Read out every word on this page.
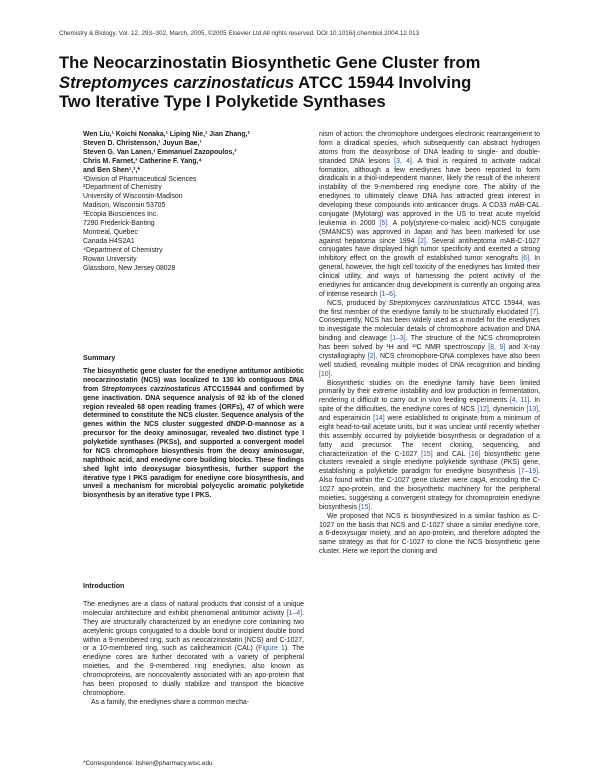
Chemistry & Biology, Vol. 12, 293–302, March, 2005, ©2005 Elsevier Ltd All rights reserved. DOI 10.1016/j.chembiol.2004.12.013
The Neocarzinostatin Biosynthetic Gene Cluster from
Streptomyces carzinostaticus ATCC 15944 Involving
Two Iterative Type I Polyketide Synthases
Wen Liu,¹ Koichi Nonaka,¹ Liping Nie,¹ Jian Zhang,²
Steven D. Christenson,¹ Juyun Bae,¹
Steven G. Van Lanen,¹ Emmanuel Zazopoulos,³
Chris M. Farnet,³ Catherine F. Yang,⁴
and Ben Shen¹,²,*
¹Division of Pharmaceutical Sciences
²Department of Chemistry
University of Wisconsin-Madison
Madison, Wisconsin 53705
³Ecopia Biosciences Inc.
7290 Frederick-Banting
Montreal, Quebec
Canada H4S2A1
⁴Department of Chemistry
Rowan University
Glassboro, New Jersey 08028
Summary
The biosynthetic gene cluster for the enediyne antitumor antibiotic neocarzinostatin (NCS) was localized to 130 kb contiguous DNA from Streptomyces carzinostaticus ATCC15944 and confirmed by gene inactivation. DNA sequence analysis of 92 kb of the cloned region revealed 68 open reading frames (ORFs), 47 of which were determined to constitute the NCS cluster. Sequence analysis of the genes within the NCS cluster suggested dNDP-D-mannose as a precursor for the deoxy aminosugar, revealed two distinct type I polyketide synthases (PKSs), and supported a convergent model for NCS chromophore biosynthesis from the deoxy aminosugar, naphthoic acid, and enediyne core building blocks. These findings shed light into deoxysugar biosynthesis, further support the iterative type I PKS paradigm for enediyne core biosynthesis, and unveil a mechanism for microbial polycyclic aromatic polyketide biosynthesis by an iterative type I PKS.
Introduction

The enediynes are a class of natural products that consist of a unique molecular architecture and exhibit phenomenal antitumor activity [1–4]. They are structurally characterized by an enediyne core containing two acetylenic groups conjugated to a double bond or incipient double bond within a 9-membered ring, such as neocarzinostatin (NCS) and C-1027, or a 10-membered ring, such as calicheamicin (CAL) (Figure 1). The enediyne cores are further decorated with a variety of peripheral moieties, and the 9-membered ring enediynes, also known as chromoproteins, are noncovalently associated with an apo-protein that has been proposed to dually stabilize and transport the bioactive chromophore.

As a family, the enediynes share a common mecha-

nism of action: the chromophore undergoes electronic rearrangement to form a diradical species, which subsequently can abstract hydrogen atoms from the deoxyribose of DNA leading to single- and double-stranded DNA lesions [3, 4]. A thiol is required to activate radical formation, although a few enediynes have been reported to form diradicals in a thiol-independent manner, likely the result of the inherent instability of the 9-membered ring enediyne core. The ability of the enediynes to ultimately cleave DNA has attracted great interest in developing these compounds into anticancer drugs. A CD33 mAB-CAL conjugate (Mylotarg) was approved in the US to treat acute myeloid leukemia in 2000 [5]. A poly(styrene-co-maleic acid)-NCS conjugate (SMANCS) was approved in Japan and has been marketed for use against hepatoma since 1994 [2]. Several antiheptoma mAB-C-1027 conjugates have displayed high tumor specificity and exerted a strong inhibitory effect on the growth of established tumor xenografts [6]. In general, however, the high cell toxicity of the enediynes has limited their clinical utility, and ways of harnessing the potent activity of the enediynes for anticancer drug development is currently an ongoing area of intense research [1–6].

NCS, produced by Streptomyces carzinostaticus ATCC 15944, was the first member of the enediyne family to be structurally elucidated [7]. Consequently, NCS has been widely used as a model for the enediynes to investigate the molecular details of chromophore activation and DNA binding and cleavage [1–3]. The structure of the NCS chromoprotein has been solved by ¹H and ¹³C NMR spectroscopy [8, 9] and X-ray crystallography [2]. NCS chromophore-DNA complexes have also been well studied, revealing multiple modes of DNA recognition and binding [10].

Biosynthetic studies on the enediyne family have been limited primarily by their extreme instability and low production in fermentation, rendering it difficult to carry out in vivo feeding experiments [4, 11]. In spite of the difficulties, the enediyne cores of NCS [12], dynemicin [13], and esperamicin [14] were established to originate from a minimum of eight head-to-tail acetate units, but it was unclear until recently whether this assembly occurred by polyketide biosynthesis or degradation of a fatty acid precursor. The recent cloning, sequencing, and characterization of the C-1027 [15] and CAL [16] biosynthetic gene clusters revealed a single enediyne polyketide synthase (PKS) gene, establishing a polyketide paradigm for enediyne biosynthesis [7–19]. Also found within the C-1027 gene cluster were cagA, encoding the C-1027 apo-protein, and the biosynthetic machinery for the peripheral moieties, suggesting a convergent strategy for chromoprotein enediyne biosynthesis [15].

We proposed that NCS is biosynthesized in a similar fashion as C-1027 on the basis that NCS and C-1027 share a similar enediyne core, a 6-deoxysugar moiety, and an apo-protein, and therefore adopted the same strategy as that for C-1027 to clone the NCS biosynthetic gene cluster. Here we report the cloning and

*Correspondence: bshen@pharmacy.wisc.edu
